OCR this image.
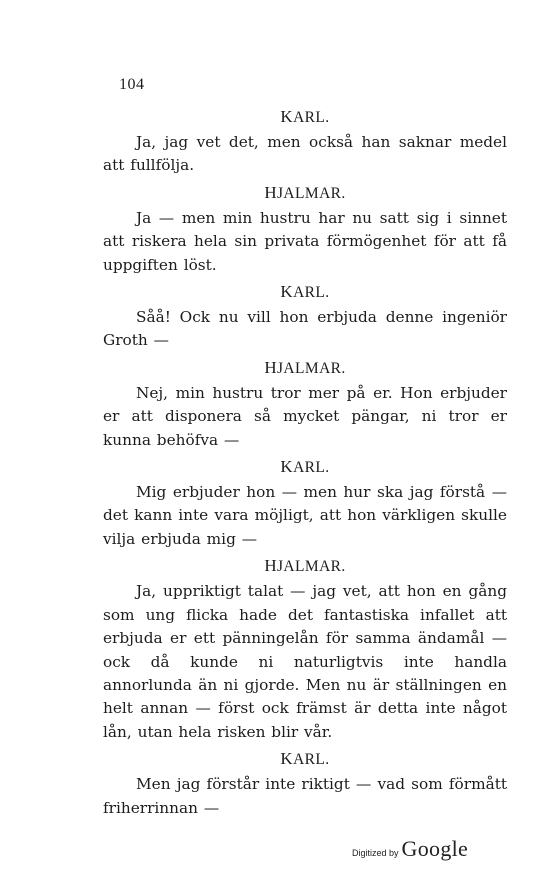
104
KARL.

Ja, jag vet det, men också han saknar medel att fullfölja.

HJALMAR.

Ja — men min hustru har nu satt sig i sinnet att riskera hela sin privata förmögenhet för att få uppgiften löst.

KARL.

Såå! Ock nu vill hon erbjuda denne ingeniör Groth —

HJALMAR.

Nej, min hustru tror mer på er. Hon erbjuder er att disponera så mycket pängar, ni tror er kunna behöfva —

KARL.

Mig erbjuder hon — men hur ska jag förstå — det kann inte vara möjligt, att hon värkligen skulle vilja erbjuda mig —

HJALMAR.

Ja, uppriktigt talat — jag vet, att hon en gång som ung flicka hade det fantastiska infallet att erbjuda er ett pänningelån för samma ändamål — ock då kunde ni naturligtvis inte handla annorlunda än ni gjorde. Men nu är ställningen en helt annan — först ock främst är detta inte något lån, utan hela risken blir vår.

KARL.

Men jag förstår inte riktigt — vad som förmått friherrinnan —

Digitized by Google
